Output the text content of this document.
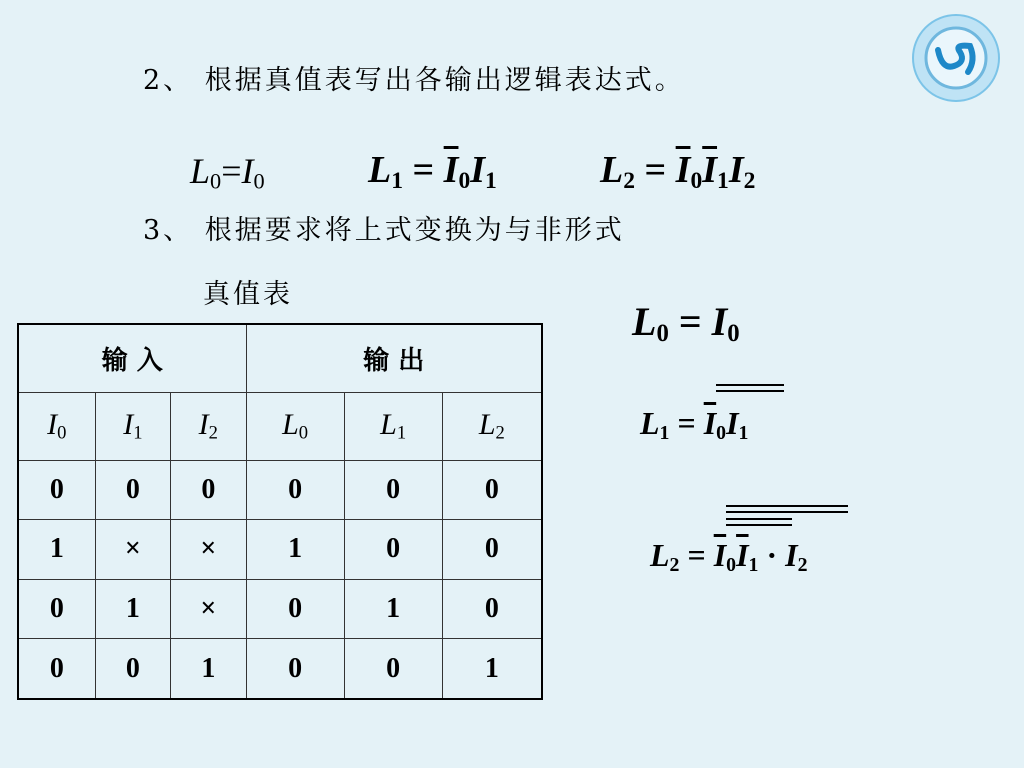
2、 根据真值表写出各输出逻辑表达式。
$L_0=I_0$	$L_1 = \overline{I}_0I_1$	$L_2 = \overline{I}_0\overline{I}_1I_2$
3、 根据要求将上式变换为与非形式
真值表
输 入			输 出		
$I_0$	$I_1$	$I_2$	$L_0$	$L_1$	$L_2$
0	0	0	0	0	0
1	×	×	1	0	0
0	1	×	0	1	0
0	0	1	0	0	1
$L_0 = I_0$
$L_1 = \overline{I}_0I_1$
$L_2 = \overline{I}_0\overline{I}_1 \cdot I_2$
